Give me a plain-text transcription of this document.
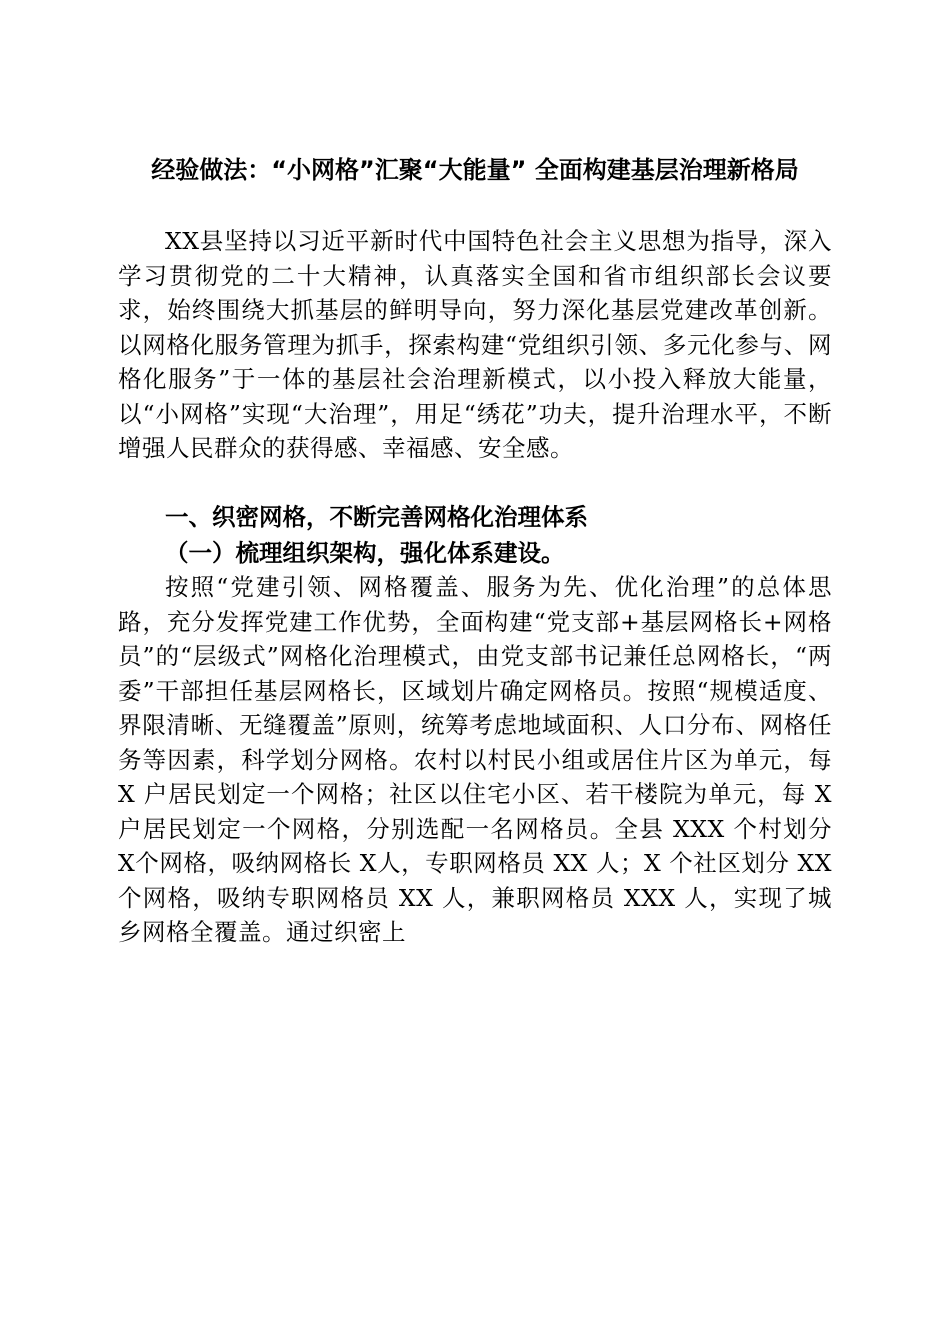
经验做法：“小网格”汇聚“大能量” 全面构建基层治理新格局

XX县坚持以习近平新时代中国特色社会主义思想为指导，深入学习贯彻党的二十大精神，认真落实全国和省市组织部长会议要求，始终围绕大抓基层的鲜明导向，努力深化基层党建改革创新。以网格化服务管理为抓手，探索构建“党组织引领、多元化参与、网格化服务”于一体的基层社会治理新模式，以小投入释放大能量，以“小网格”实现“大治理”，用足“绣花”功夫，提升治理水平，不断增强人民群众的获得感、幸福感、安全感。

一、织密网格，不断完善网格化治理体系
（一）梳理组织架构，强化体系建设。

按照“党建引领、网格覆盖、服务为先、优化治理”的总体思路，充分发挥党建工作优势，全面构建“党支部+基层网格长+网格员”的“层级式”网格化治理模式，由党支部书记兼任总网格长，“两委”干部担任基层网格长，区域划片确定网格员。按照“规模适度、界限清晰、无缝覆盖”原则，统筹考虑地域面积、人口分布、网格任务等因素，科学划分网格。农村以村民小组或居住片区为单元，每 X 户居民划定一个网格；社区以住宅小区、若干楼院为单元，每 X 户居民划定一个网格，分别选配一名网格员。全县 XXX 个村划分 X个网格，吸纳网格长 X人，专职网格员 XX 人；X 个社区划分 XX 个网格，吸纳专职网格员 XX 人，兼职网格员 XXX 人，实现了城乡网格全覆盖。通过织密上
